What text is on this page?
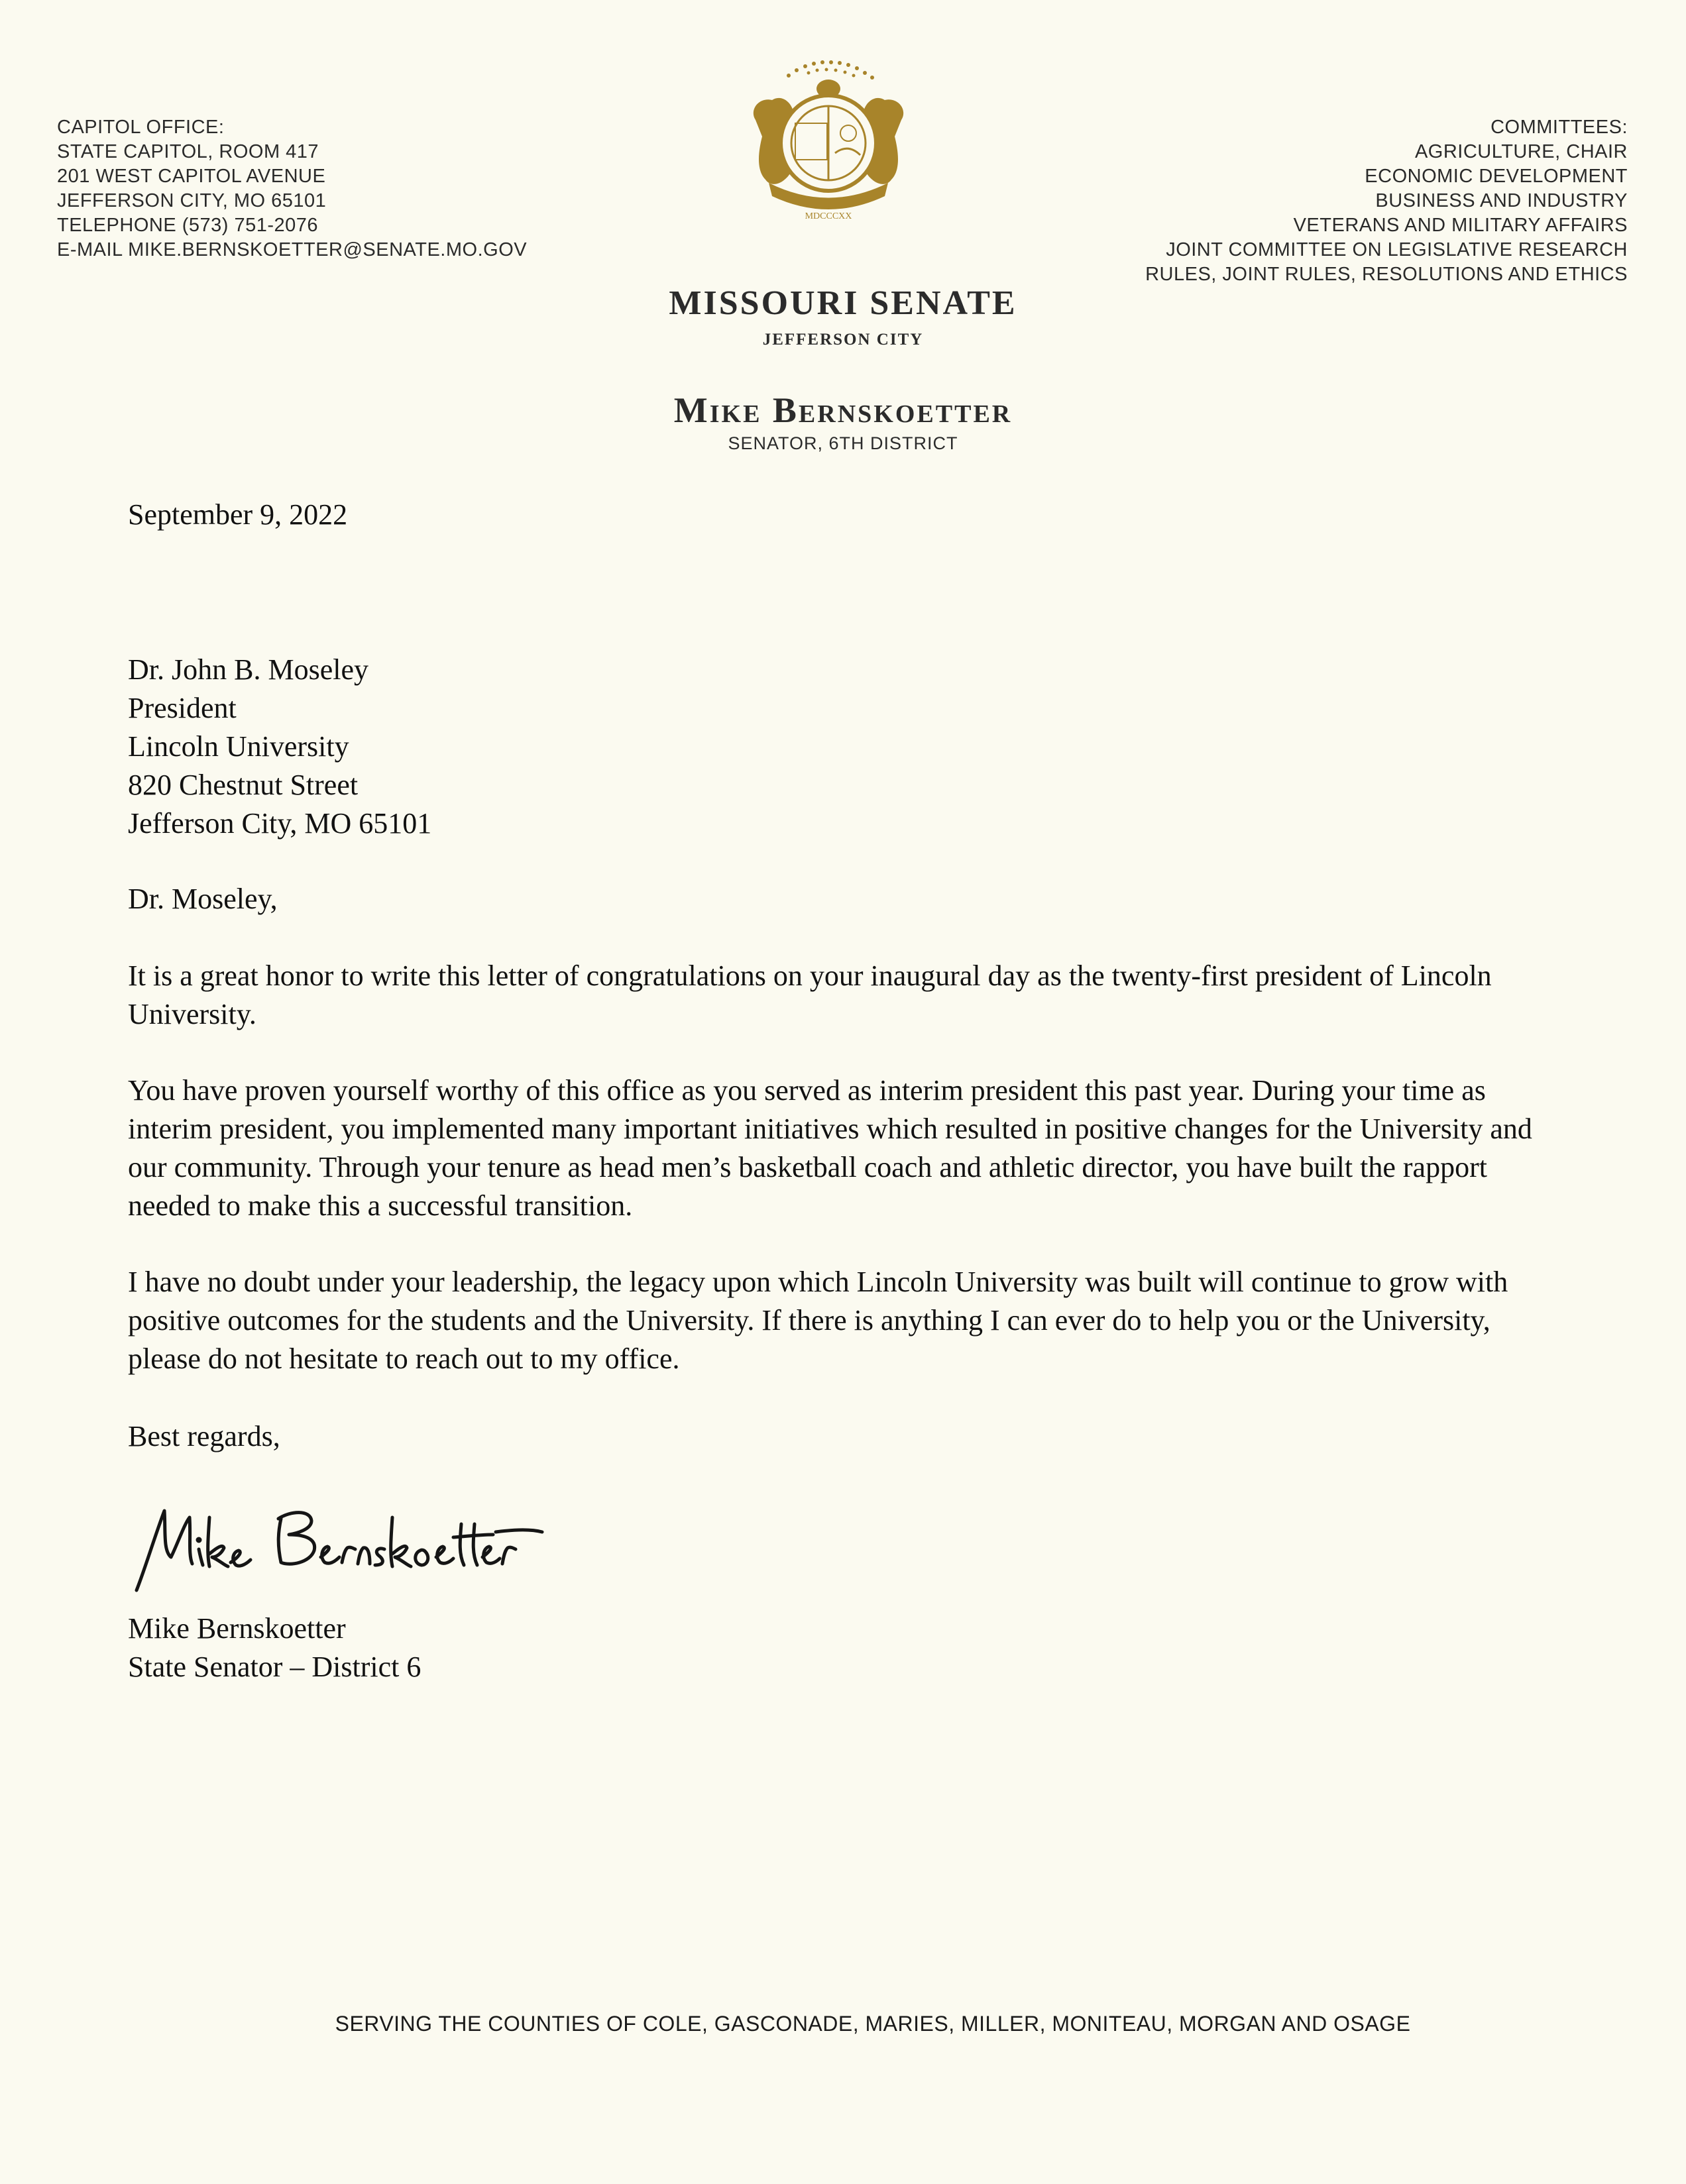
CAPITOL OFFICE:
STATE CAPITOL, ROOM 417
201 WEST CAPITOL AVENUE
JEFFERSON CITY, MO 65101
TELEPHONE (573) 751-2076
E-MAIL MIKE.BERNSKOETTER@SENATE.MO.GOV
MDCCCXX
COMMITTEES:
AGRICULTURE, CHAIR
ECONOMIC DEVELOPMENT
BUSINESS AND INDUSTRY
VETERANS AND MILITARY AFFAIRS
JOINT COMMITTEE ON LEGISLATIVE RESEARCH
RULES, JOINT RULES, RESOLUTIONS AND ETHICS
MISSOURI SENATE
JEFFERSON CITY
Mike Bernskoetter
SENATOR, 6TH DISTRICT
September 9, 2022
Dr. John B. Moseley
President
Lincoln University
820 Chestnut Street
Jefferson City, MO 65101
Dr. Moseley,
It is a great honor to write this letter of congratulations on your inaugural day as the twenty-first president of Lincoln University.
You have proven yourself worthy of this office as you served as interim president this past year. During your time as interim president, you implemented many important initiatives which resulted in positive changes for the University and our community. Through your tenure as head men’s basketball coach and athletic director, you have built the rapport needed to make this a successful transition.
I have no doubt under your leadership, the legacy upon which Lincoln University was built will continue to grow with positive outcomes for the students and the University. If there is anything I can ever do to help you or the University, please do not hesitate to reach out to my office.
Best regards,
Mike Bernskoetter
State Senator – District 6
SERVING THE COUNTIES OF COLE, GASCONADE, MARIES, MILLER, MONITEAU, MORGAN AND OSAGE
